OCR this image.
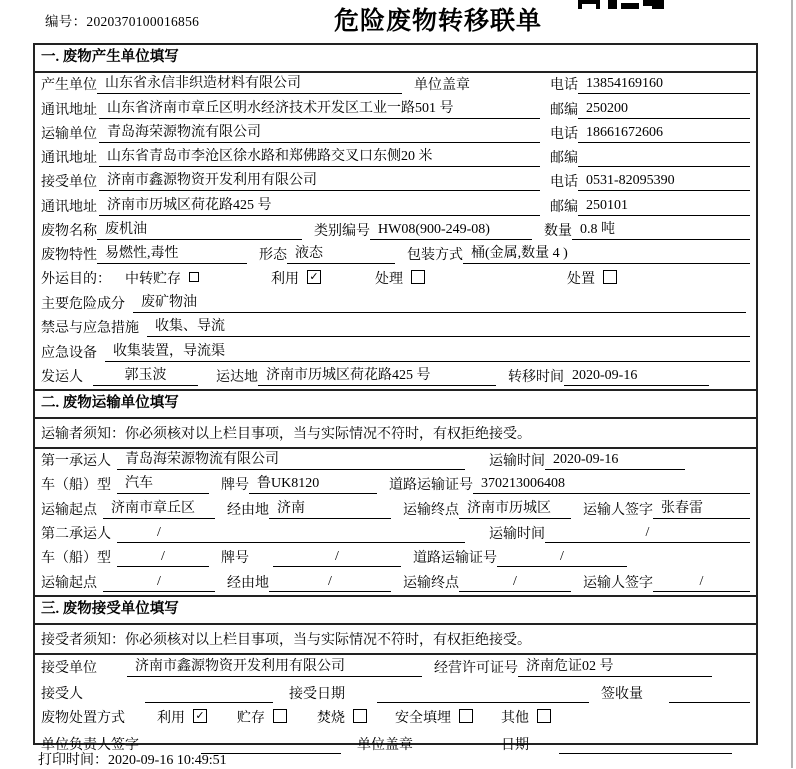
编号：2020370100016856	危险废物转移联单
一. 废物产生单位填写
产生单位 山东省永信非织造材料有限公司	单位盖章	电话 13854169160
通讯地址 山东省济南市章丘区明水经济技术开发区工业一路501 号	邮编 250200
运输单位 青岛海荣源物流有限公司	电话 18661672606
通讯地址 山东省青岛市李沧区徐水路和郑佛路交叉口东侧20 米	邮编
接受单位 济南市鑫源物资开发利用有限公司	电话 0531-82095390
通讯地址 济南市历城区荷花路425 号	邮编 250101
废物名称 废机油	类别编号 HW08(900-249-08)	数量 0.8 吨
废物特性 易燃性,毒性	形态 液态	包装方式 桶(金属,数量 4 )
外运目的： 中转贮存	利用 ✓	处理	处置
主要危险成分	废矿物油
禁忌与应急措施	收集、导流
应急设备	收集装置，导流渠
发运人	郭玉波	运达地 济南市历城区荷花路425 号	转移时间 2020-09-16
二. 废物运输单位填写
运输者须知：你必须核对以上栏目事项，当与实际情况不符时，有权拒绝接受。
第一承运人	青岛海荣源物流有限公司	运输时间 2020-09-16
车（船）型	汽车	牌号 鲁UK8120	道路运输证号 370213006408
运输起点	济南市章丘区	经由地 济南	运输终点 济南市历城区	运输人签字 张春雷
第二承运人	/	运输时间	/
车（船）型	/	牌号	/	道路运输证号	/
运输起点	/	经由地	/	运输终点	/	运输人签字	/
三. 废物接受单位填写
接受者须知：你必须核对以上栏目事项，当与实际情况不符时，有权拒绝接受。
接受单位	济南市鑫源物资开发利用有限公司	经营许可证号 济南危证02 号
接受人	接受日期	签收量
废物处置方式 利用 ✓ 贮存	焚烧	安全填埋	其他
单位负责人签字	单位盖章	日期
打印时间：2020-09-16 10:49:51
